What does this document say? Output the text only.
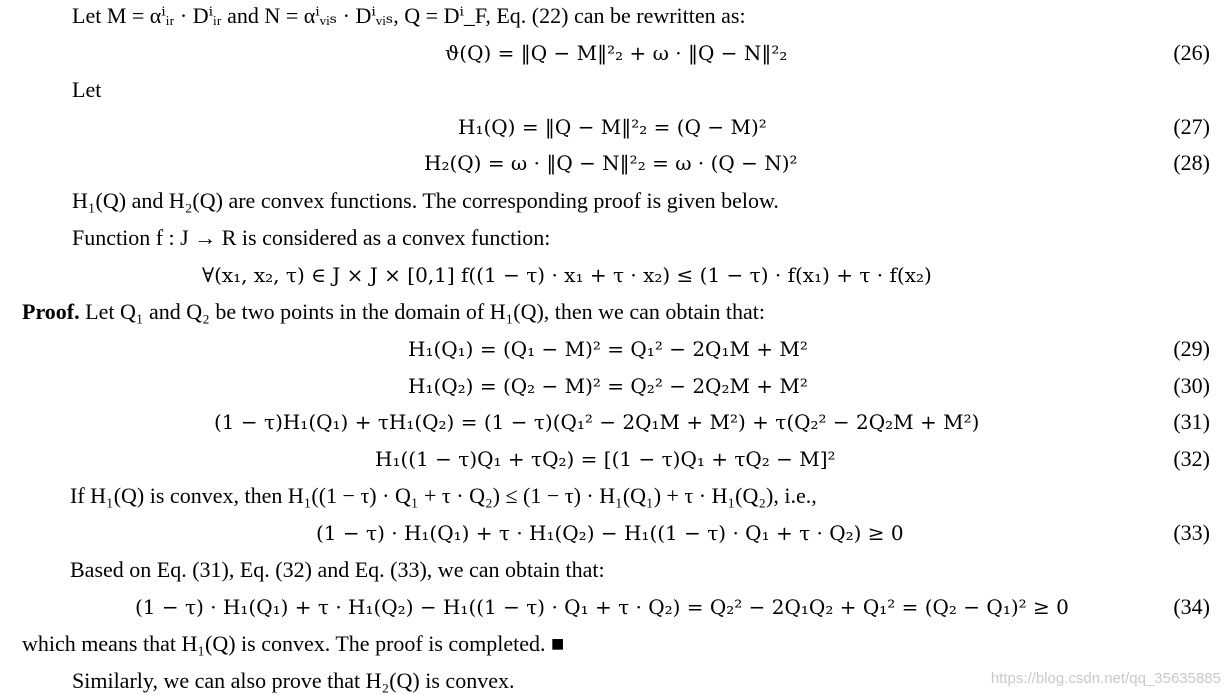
Let M = αⁱᵢᵣ · Dⁱᵢᵣ and N = αⁱᵥᵢₛ · Dⁱᵥᵢₛ, Q = Dⁱ_F, Eq. (22) can be rewritten as:
ϑ(Q) = ‖Q − M‖²₂ + ω · ‖Q − N‖²₂	(26)
Let
H₁(Q) = ‖Q − M‖²₂ = (Q − M)²	(27)
H₂(Q) = ω · ‖Q − N‖²₂ = ω · (Q − N)²	(28)
H₁(Q) and H₂(Q) are convex functions. The corresponding proof is given below.
Function f : J → R is considered as a convex function:
∀(x₁, x₂, τ) ∈ J × J × [0,1] f((1 − τ) · x₁ + τ · x₂) ≤ (1 − τ) · f(x₁) + τ · f(x₂)
Proof. Let Q₁ and Q₂ be two points in the domain of H₁(Q), then we can obtain that:
H₁(Q₁) = (Q₁ − M)² = Q₁² − 2Q₁M + M²	(29)
H₁(Q₂) = (Q₂ − M)² = Q₂² − 2Q₂M + M²	(30)
(1 − τ)H₁(Q₁) + τH₁(Q₂) = (1 − τ)(Q₁² − 2Q₁M + M²) + τ(Q₂² − 2Q₂M + M²)	(31)
H₁((1 − τ)Q₁ + τQ₂) = [(1 − τ)Q₁ + τQ₂ − M]²	(32)
If H₁(Q) is convex, then H₁((1 − τ) · Q₁ + τ · Q₂) ≤ (1 − τ) · H₁(Q₁) + τ · H₁(Q₂), i.e.,
(1 − τ) · H₁(Q₁) + τ · H₁(Q₂) − H₁((1 − τ) · Q₁ + τ · Q₂) ≥ 0	(33)
Based on Eq. (31), Eq. (32) and Eq. (33), we can obtain that:
(1 − τ) · H₁(Q₁) + τ · H₁(Q₂) − H₁((1 − τ) · Q₁ + τ · Q₂) = Q₂² − 2Q₁Q₂ + Q₁² = (Q₂ − Q₁)² ≥ 0	(34)
which means that H₁(Q) is convex. The proof is completed. ■
Similarly, we can also prove that H₂(Q) is convex.	https://blog.csdn.net/qq_35635885
